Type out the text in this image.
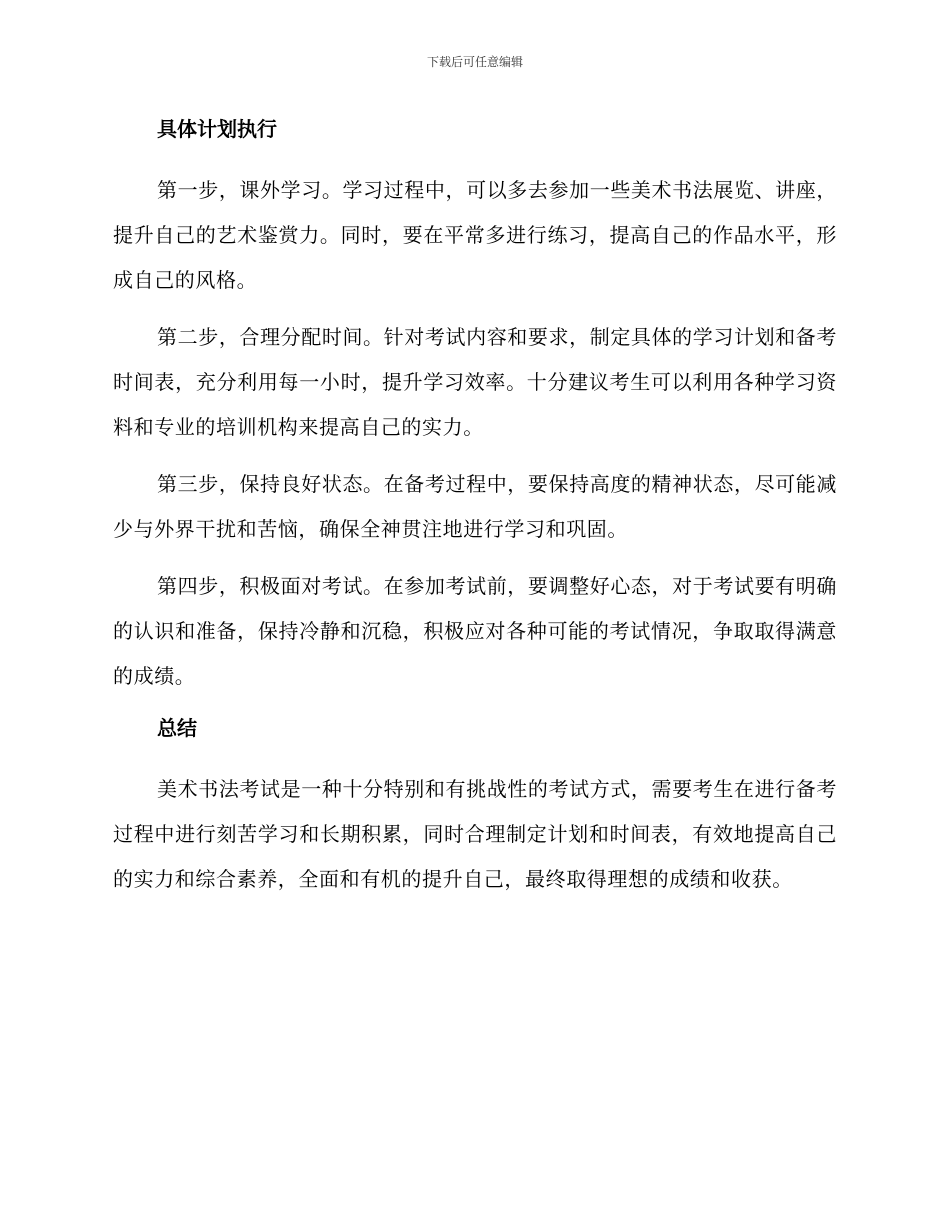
下载后可任意编辑
具体计划执行

第一步，课外学习。学习过程中，可以多去参加一些美术书法展览、讲座，提升自己的艺术鉴赏力。同时，要在平常多进行练习，提高自己的作品水平，形成自己的风格。

第二步，合理分配时间。针对考试内容和要求，制定具体的学习计划和备考时间表，充分利用每一小时，提升学习效率。十分建议考生可以利用各种学习资料和专业的培训机构来提高自己的实力。

第三步，保持良好状态。在备考过程中，要保持高度的精神状态，尽可能减少与外界干扰和苦恼，确保全神贯注地进行学习和巩固。

第四步，积极面对考试。在参加考试前，要调整好心态，对于考试要有明确的认识和准备，保持冷静和沉稳，积极应对各种可能的考试情况，争取取得满意的成绩。

总结

美术书法考试是一种十分特别和有挑战性的考试方式，需要考生在进行备考过程中进行刻苦学习和长期积累，同时合理制定计划和时间表，有效地提高自己的实力和综合素养，全面和有机的提升自己，最终取得理想的成绩和收获。
